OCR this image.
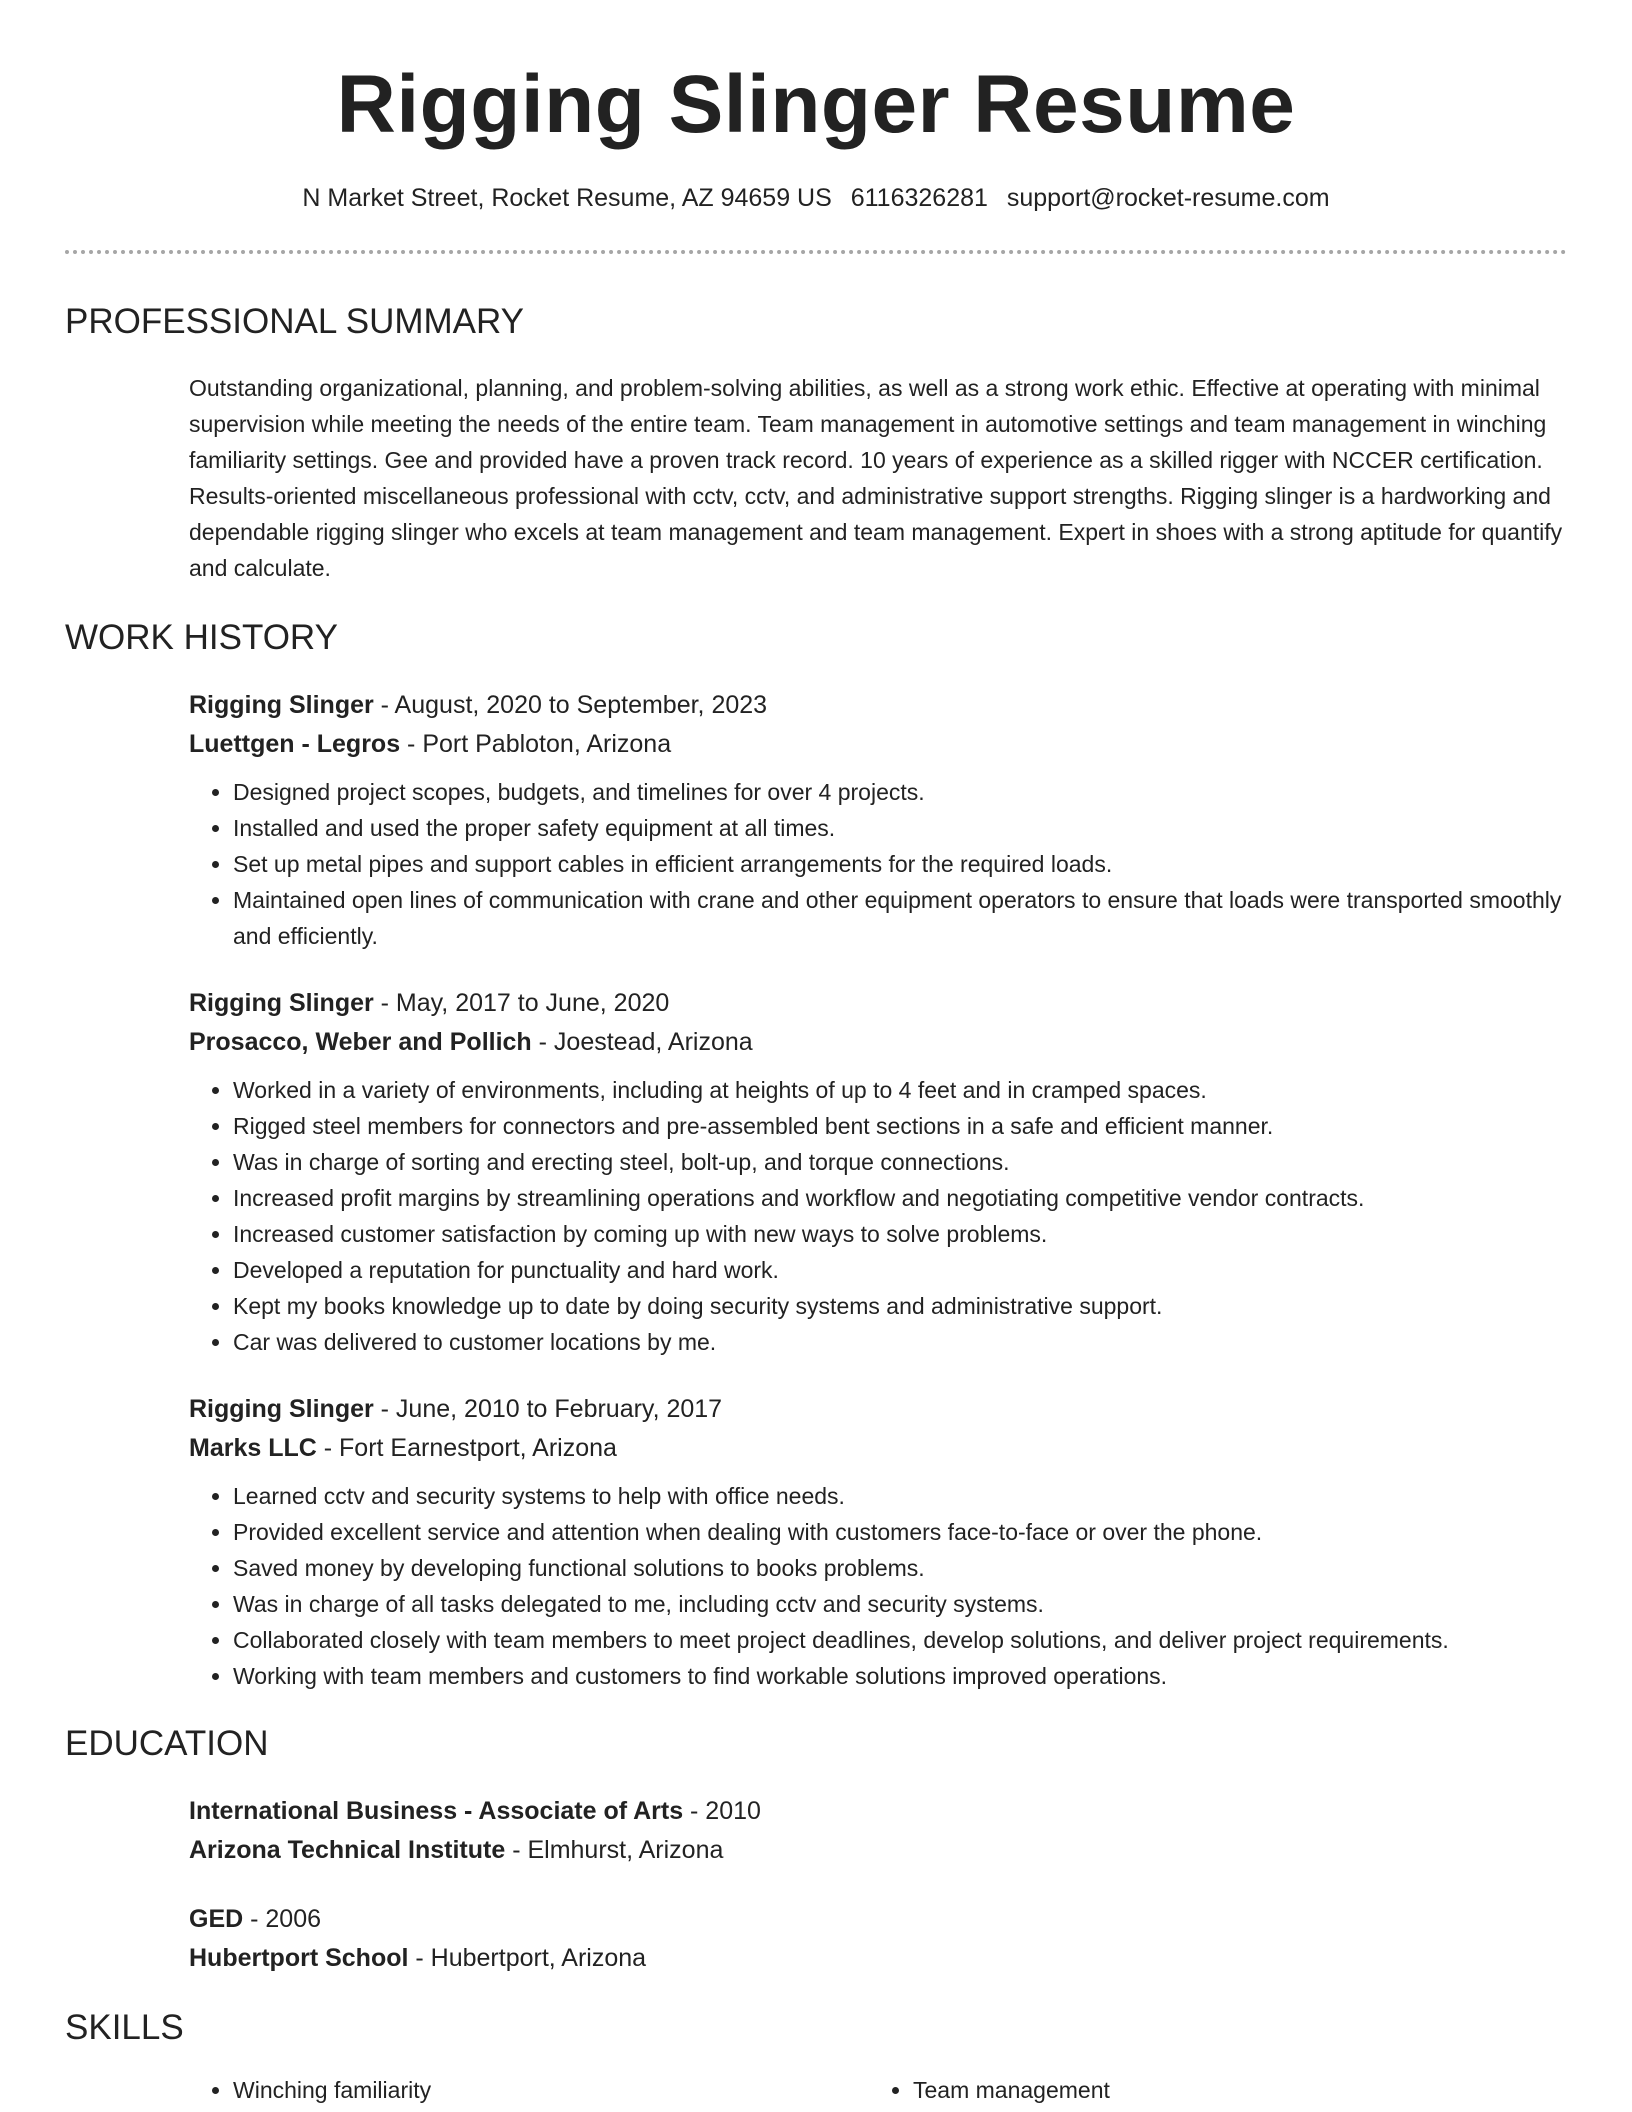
Rigging Slinger Resume
N Market Street, Rocket Resume, AZ 94659 US 6116326281 support@rocket-resume.com
PROFESSIONAL SUMMARY

Outstanding organizational, planning, and problem-solving abilities, as well as a strong work ethic. Effective at operating with minimal supervision while meeting the needs of the entire team. Team management in automotive settings and team management in winching familiarity settings. Gee and provided have a proven track record. 10 years of experience as a skilled rigger with NCCER certification. Results-oriented miscellaneous professional with cctv, cctv, and administrative support strengths. Rigging slinger is a hardworking and dependable rigging slinger who excels at team management and team management. Expert in shoes with a strong aptitude for quantify and calculate.

WORK HISTORY
Rigging Slinger - August, 2020 to September, 2023
Luettgen - Legros - Port Pabloton, Arizona
• Designed project scopes, budgets, and timelines for over 4 projects.
• Installed and used the proper safety equipment at all times.
• Set up metal pipes and support cables in efficient arrangements for the required loads.
• Maintained open lines of communication with crane and other equipment operators to ensure that loads were transported smoothly and efficiently.
Rigging Slinger - May, 2017 to June, 2020
Prosacco, Weber and Pollich - Joestead, Arizona
• Worked in a variety of environments, including at heights of up to 4 feet and in cramped spaces.
• Rigged steel members for connectors and pre-assembled bent sections in a safe and efficient manner.
• Was in charge of sorting and erecting steel, bolt-up, and torque connections.
• Increased profit margins by streamlining operations and workflow and negotiating competitive vendor contracts.
• Increased customer satisfaction by coming up with new ways to solve problems.
• Developed a reputation for punctuality and hard work.
• Kept my books knowledge up to date by doing security systems and administrative support.
• Car was delivered to customer locations by me.
Rigging Slinger - June, 2010 to February, 2017
Marks LLC - Fort Earnestport, Arizona
• Learned cctv and security systems to help with office needs.
• Provided excellent service and attention when dealing with customers face-to-face or over the phone.
• Saved money by developing functional solutions to books problems.
• Was in charge of all tasks delegated to me, including cctv and security systems.
• Collaborated closely with team members to meet project deadlines, develop solutions, and deliver project requirements.
• Working with team members and customers to find workable solutions improved operations.
EDUCATION
International Business - Associate of Arts - 2010
Arizona Technical Institute - Elmhurst, Arizona
GED - 2006
Hubertport School - Hubertport, Arizona
SKILLS
• Winching familiarity
•	Team management
